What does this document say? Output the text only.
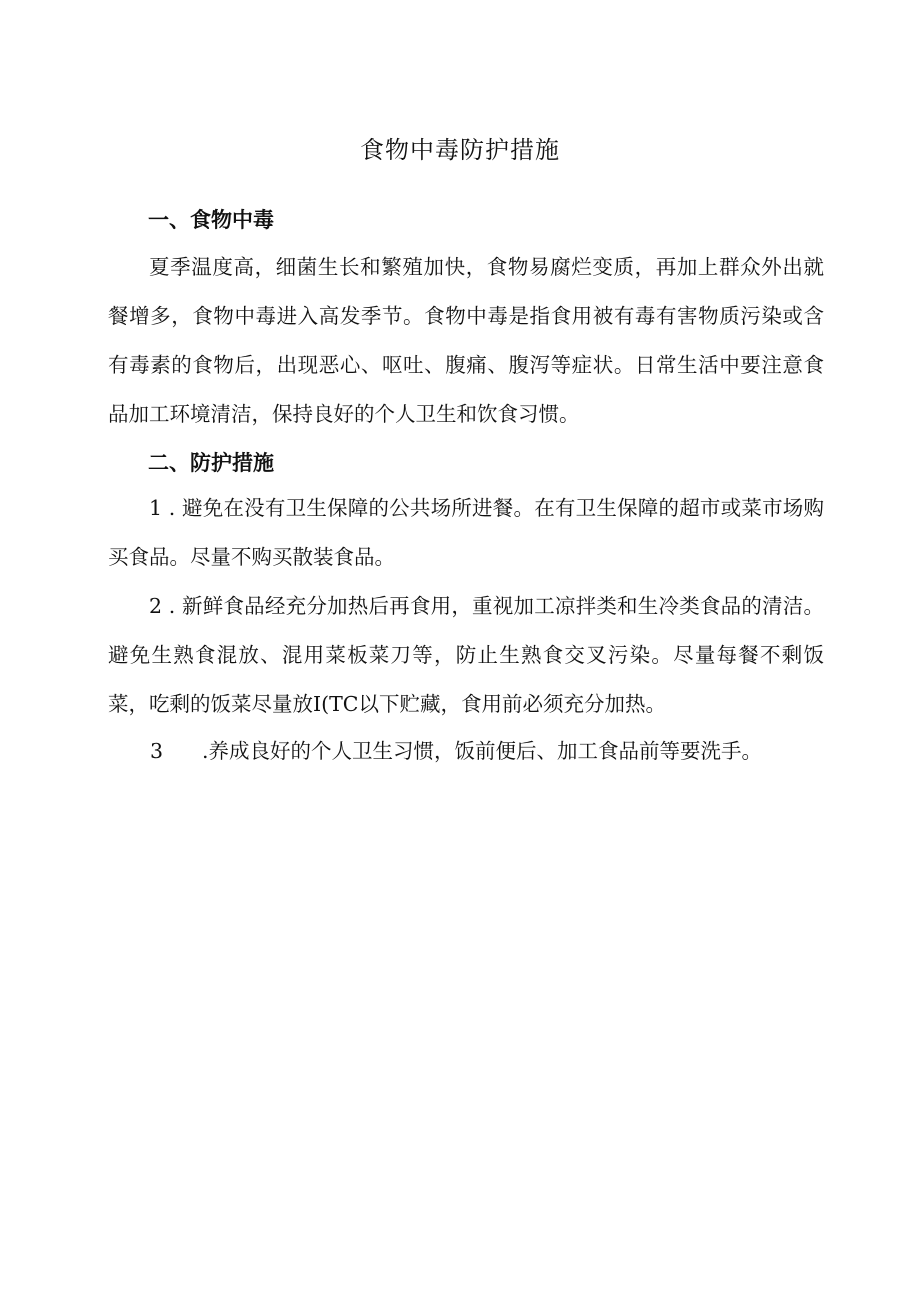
食物中毒防护措施
一、食物中毒

夏季温度高，细菌生长和繁殖加快，食物易腐烂变质，再加上群众外出就餐增多，食物中毒进入高发季节。食物中毒是指食用被有毒有害物质污染或含有毒素的食物后，出现恶心、呕吐、腹痛、腹泻等症状。日常生活中要注意食品加工环境清洁，保持良好的个人卫生和饮食习惯。

二、防护措施

1 . 避免在没有卫生保障的公共场所进餐。在有卫生保障的超市或菜市场购买食品。尽量不购买散装食品。

2 . 新鲜食品经充分加热后再食用，重视加工凉拌类和生冷类食品的清洁。避免生熟食混放、混用菜板菜刀等，防止生熟食交叉污染。尽量每餐不剩饭菜，吃剩的饭菜尽量放I(TC以下贮藏，食用前必须充分加热。

3 .养成良好的个人卫生习惯，饭前便后、加工食品前等要洗手。
